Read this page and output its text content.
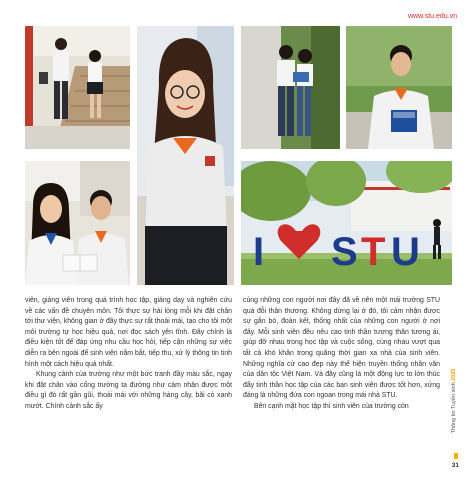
www.stu.edu.vn
I S T U

viên, giảng viên trong quá trình học tập, giảng dạy và nghiên cứu về các vấn đề chuyên môn. Tôi thực sự hài lòng mỗi khi đặt chân tới thư viện, không gian ở đây thực sự rất thoải mái, tạo cho tôi một môi trường tự học hiệu quả, nơi đọc sách yên tĩnh. Đây chính là điều kiện tốt để đáp ứng nhu cầu học hỏi, tiếp cận những sự việc diễn ra bên ngoài để sinh viên nắm bắt, tiếp thu, xử lý thông tin tinh hình một cách hiệu quả nhất.

Khung cảnh của trường như một bức tranh đầy màu sắc, ngay khi đặt chân vào cổng trường ta đường như cảm nhận được một điều gì đó rất gần gũi, thoải mái với những hàng cây, bãi cỏ xanh mướt. Chính cảnh sắc ấy

cùng những con người nơi đây đã về nên một mái trường STU quá đỗi thân thương. Không dừng lại ở đó, tôi cảm nhận được sự gắn bó, đoàn kết, thống nhất của những con người ở nơi đây. Mỗi sinh viên đều nêu cao tinh thần tương thân tương ái, giúp đỡ nhau trong học tập và cuộc sống, cùng nhau vượt qua tất cả khó khăn trong quãng thời gian xa nhà của sinh viên. Những nghĩa cử cao đẹp này thể hiện truyền thống nhân văn của dân tộc Việt Nam. Và đây cũng là một động lực to lớn thúc đẩy tinh thần học tập của các bạn sinh viên được tốt hơn, xứng đáng là những đứa con ngoan trong mái nhà STU.

Bên cạnh mặt học tập thì sinh viên của trường còn	Thông tin Tuyển sinh 2025
31
